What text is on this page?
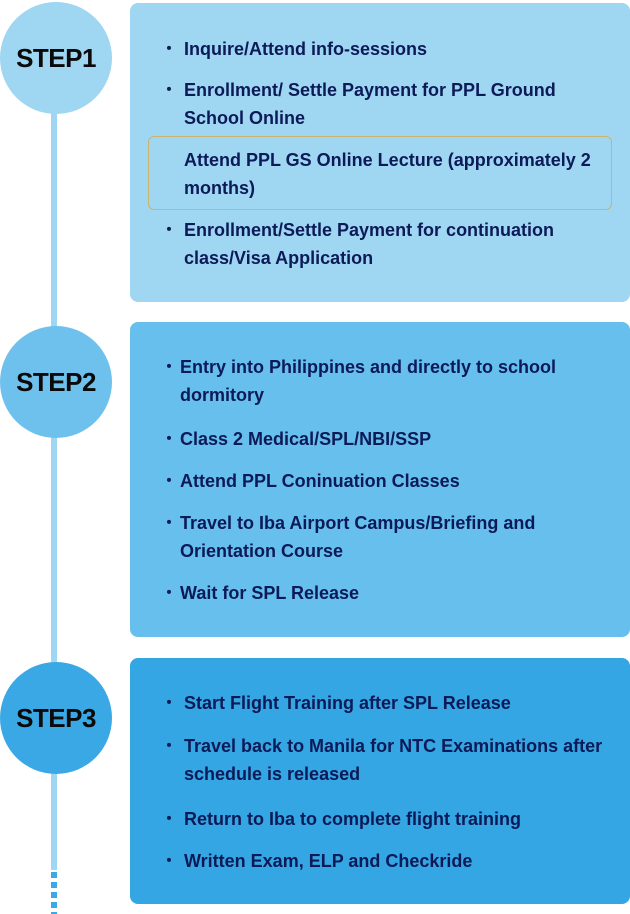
STEP1	・ Inquire/Attend info-sessions
・ Enrollment/ Settle Payment for PPL Ground School Online
Attend PPL GS Online Lecture (approximately 2 months)
・ Enrollment/Settle Payment for continuation class/Visa Application
STEP2	・ Entry into Philippines and directly to school dormitory
・ Class 2 Medical/SPL/NBI/SSP
・ Attend PPL Coninuation Classes
・ Travel to Iba Airport Campus/Briefing and Orientation Course
・ Wait for SPL Release
STEP3	・ Start Flight Training after SPL Release
・ Travel back to Manila for NTC Examinations after schedule is released
・ Return to Iba to complete flight training
・ Written Exam, ELP and Checkride
